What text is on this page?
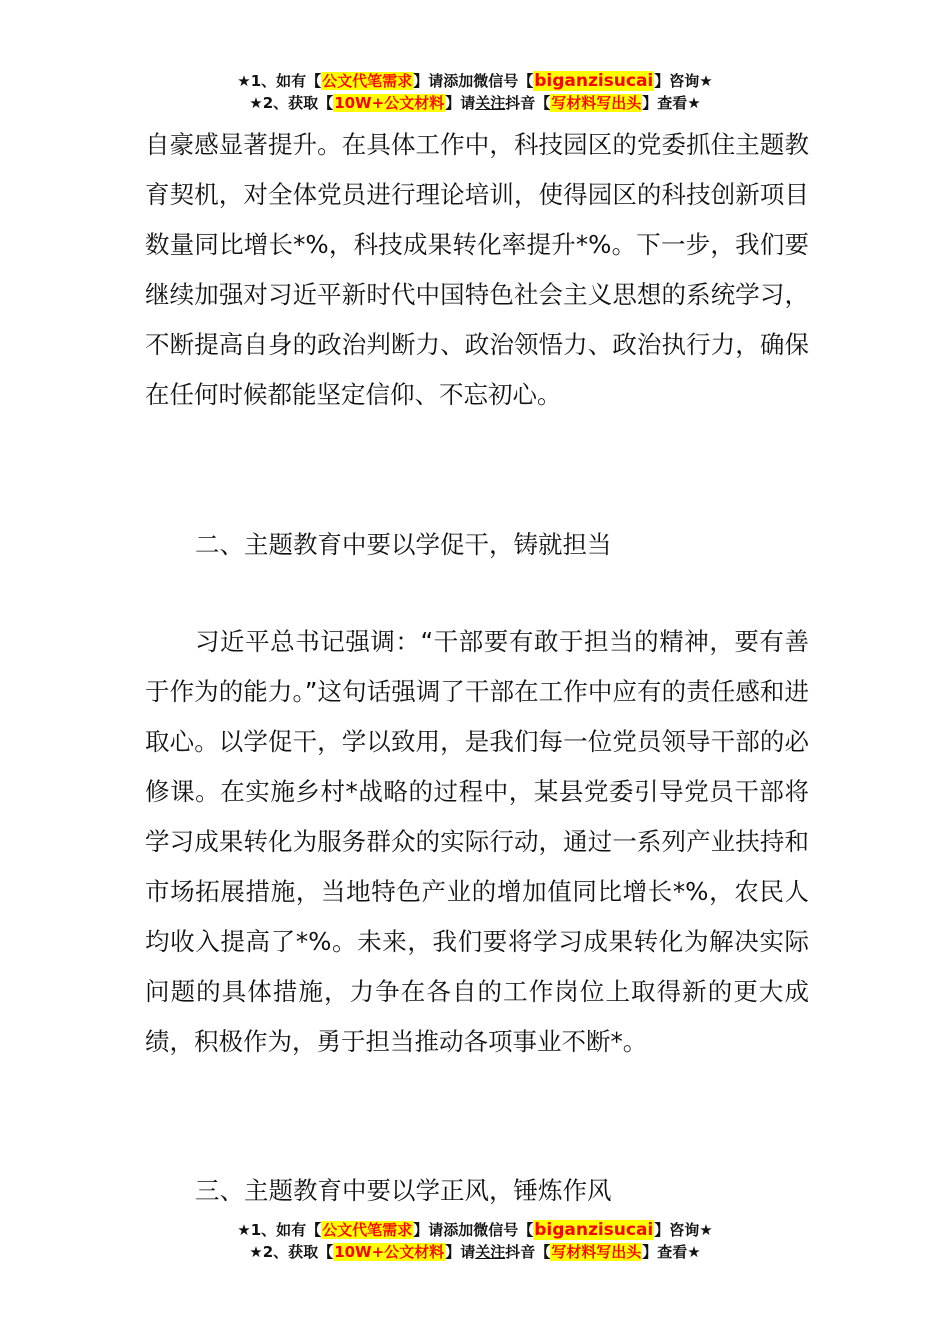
★1、如有【公文代笔需求】请添加微信号【biganzisucai】咨询★
★2、获取【10W+公文材料】请关注抖音【写材料写出头】查看★

自豪感显著提升。在具体工作中，科技园区的党委抓住主题教育契机，对全体党员进行理论培训，使得园区的科技创新项目数量同比增长*%，科技成果转化率提升*%。下一步，我们要继续加强对习近平新时代中国特色社会主义思想的系统学习，不断提高自身的政治判断力、政治领悟力、政治执行力，确保在任何时候都能坚定信仰、不忘初心。

二、主题教育中要以学促干，铸就担当

习近平总书记强调：“干部要有敢于担当的精神，要有善于作为的能力。”这句话强调了干部在工作中应有的责任感和进取心。以学促干，学以致用，是我们每一位党员领导干部的必修课。在实施乡村*战略的过程中，某县党委引导党员干部将学习成果转化为服务群众的实际行动，通过一系列产业扶持和市场拓展措施，当地特色产业的增加值同比增长*%，农民人均收入提高了*%。未来，我们要将学习成果转化为解决实际问题的具体措施，力争在各自的工作岗位上取得新的更大成绩，积极作为，勇于担当推动各项事业不断*。

三、主题教育中要以学正风，锤炼作风

★1、如有【公文代笔需求】请添加微信号【biganzisucai】咨询★
★2、获取【10W+公文材料】请关注抖音【写材料写出头】查看★
